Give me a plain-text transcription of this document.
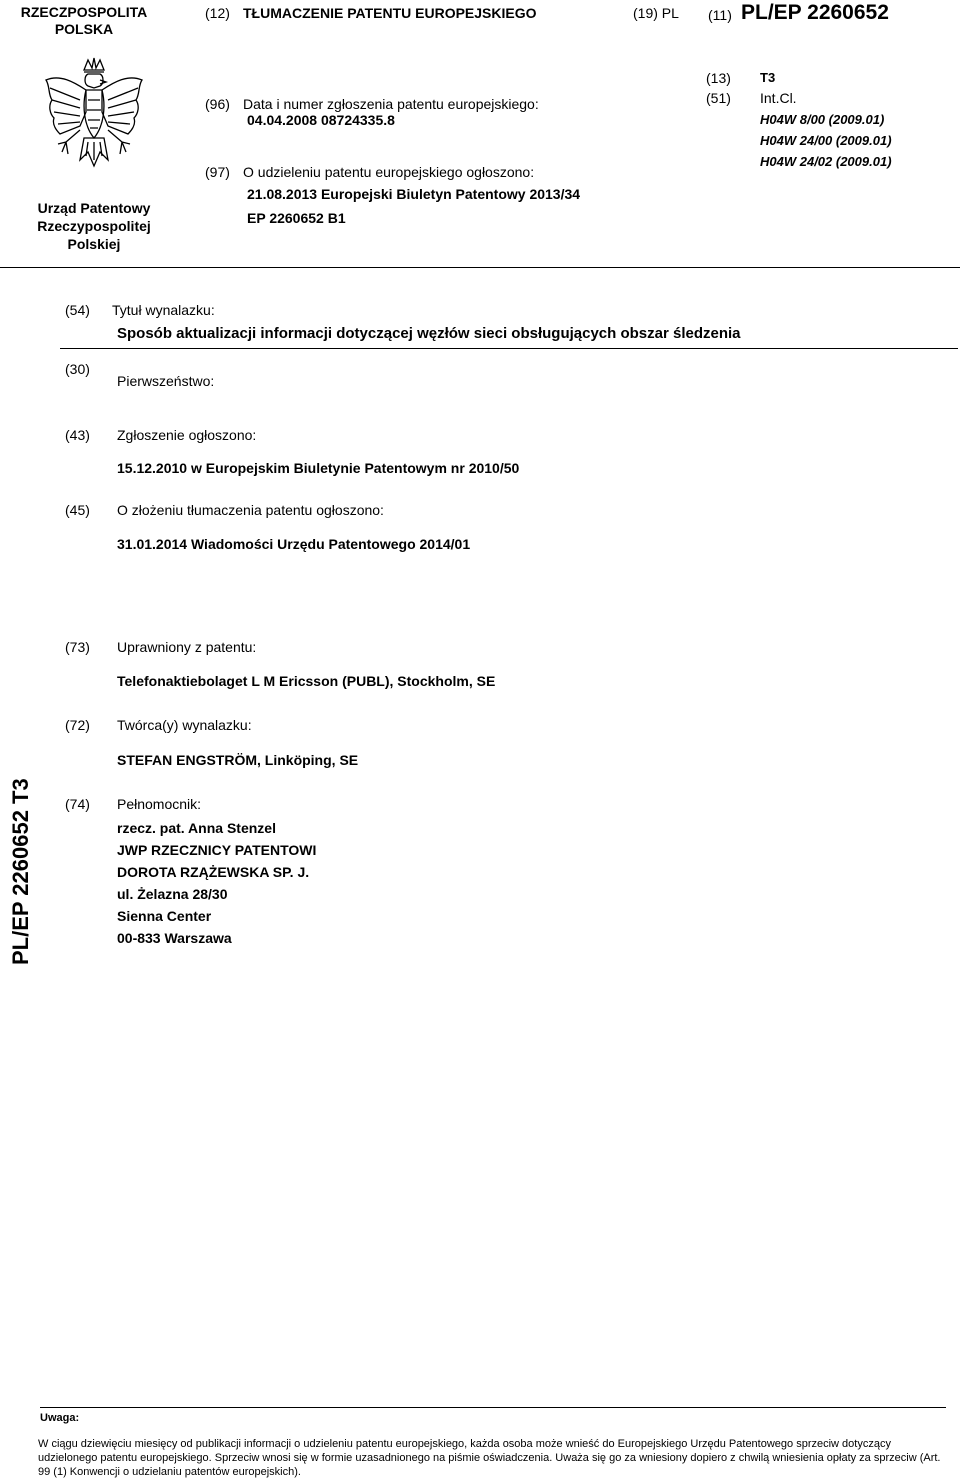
RZECZPOSPOLITA POLSKA
(12) TŁUMACZENIE PATENTU EUROPEJSKIEGO	(19) PL (11) PL/EP 2260652
Urząd Patentowy Rzeczypospolitej Polskiej
(96) Data i numer zgłoszenia patentu europejskiego:
04.04.2008 08724335.8
(97) O udzieleniu patentu europejskiego ogłoszono:
21.08.2013 Europejski Biuletyn Patentowy 2013/34
EP 2260652 B1
(13) T3
(51) Int.Cl.
H04W 8/00 (2009.01)
H04W 24/00 (2009.01)
H04W 24/02 (2009.01)
(54) Tytuł wynalazku:
Sposób aktualizacji informacji dotyczącej węzłów sieci obsługujących obszar śledzenia
(30)
Pierwszeństwo:
(43) Zgłoszenie ogłoszono:
15.12.2010 w Europejskim Biuletynie Patentowym nr 2010/50
(45) O złożeniu tłumaczenia patentu ogłoszono:
31.01.2014 Wiadomości Urzędu Patentowego 2014/01
(73) Uprawniony z patentu:
Telefonaktiebolaget L M Ericsson (PUBL), Stockholm, SE
(72) Twórca(y) wynalazku:
STEFAN ENGSTRÖM, Linköping, SE
(74) Pełnomocnik:
rzecz. pat. Anna Stenzel
JWP RZECZNICY PATENTOWI
DOROTA RZĄŻEWSKA SP. J.
ul. Żelazna 28/30
Sienna Center
00-833 Warszawa
PL/EP 2260652 T3
Uwaga:
W ciągu dziewięciu miesięcy od publikacji informacji o udzieleniu patentu europejskiego, każda osoba może wnieść do Europejskiego Urzędu Patentowego sprzeciw dotyczący udzielonego patentu europejskiego. Sprzeciw wnosi się w formie uzasadnionego na piśmie oświadczenia. Uważa się go za wniesiony dopiero z chwilą wniesienia opłaty za sprzeciw (Art. 99 (1) Konwencji o udzielaniu patentów europejskich).
